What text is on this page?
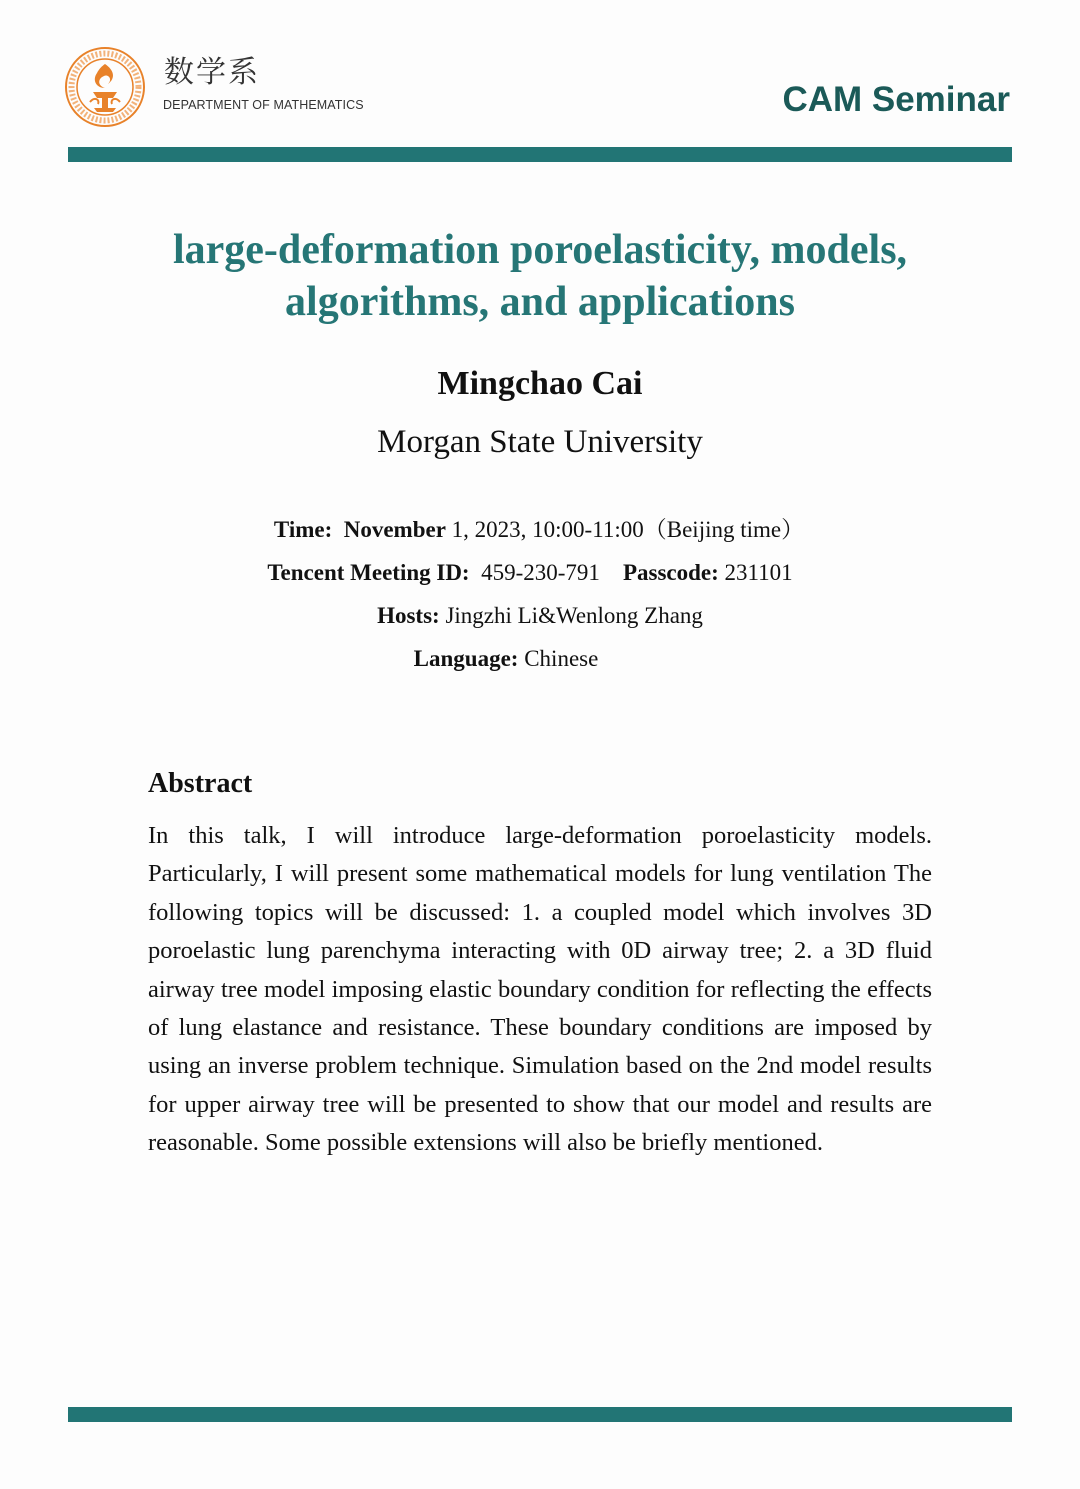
数学系
DEPARTMENT OF MATHEMATICS	CAM Seminar
large-deformation poroelasticity, models, algorithms, and applications
Mingchao Cai
Morgan State University
Time: November 1, 2023, 10:00-11:00（Beijing time）
Tencent Meeting ID: 459-230-791 Passcode: 231101
Hosts: Jingzhi Li&Wenlong Zhang
Language: Chinese
Abstract
In this talk, I will introduce large-deformation poroelasticity models. Particularly, I will present some mathematical models for lung ventilation The following topics will be discussed: 1. a coupled model which involves 3D poroelastic lung parenchyma interacting with 0D airway tree; 2. a 3D fluid airway tree model imposing elastic boundary condition for reflecting the effects of lung elastance and resistance. These boundary conditions are imposed by using an inverse problem technique. Simulation based on the 2nd model results for upper airway tree will be presented to show that our model and results are reasonable. Some possible extensions will also be briefly mentioned.
